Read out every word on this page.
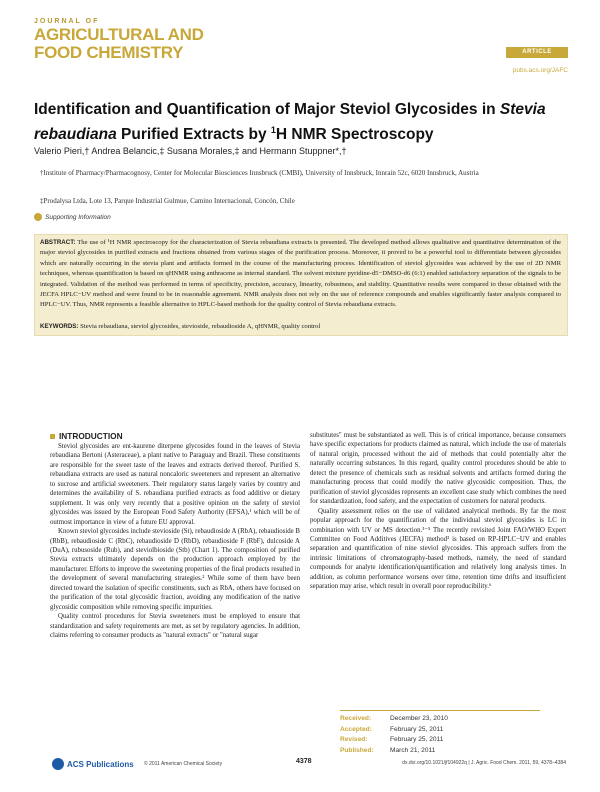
JOURNAL OF
AGRICULTURAL AND
FOOD CHEMISTRY	ARTICLE
pubs.acs.org/JAFC
Identification and Quantification of Major Steviol Glycosides in Stevia rebaudiana Purified Extracts by $^1$H NMR Spectroscopy
Valerio Pieri,† Andrea Belancic,‡ Susana Morales,‡ and Hermann Stuppner*,†
†Institute of Pharmacy/Pharmacognosy, Center for Molecular Biosciences Innsbruck (CMBI), University of Innsbruck, Innrain 52c, 6020 Innsbruck, Austria
‡Prodalysa Ltda, Lote 13, Parque Industrial Gulmue, Camino Internacional, Concón, Chile
Supporting Information
ABSTRACT: The use of ¹H NMR spectroscopy for the characterization of Stevia rebaudiana extracts is presented. The developed method allows qualitative and quantitative determination of the major steviol glycosides in purified extracts and fractions obtained from various stages of the purification process. Moreover, it proved to be a powerful tool to differentiate between glycosides which are naturally occurring in the stevia plant and artifacts formed in the course of the manufacturing process. Identification of steviol glycosides was achieved by the use of 2D NMR techniques, whereas quantification is based on qHNMR using anthracene as internal standard. The solvent mixture pyridine-d5−DMSO-d6 (6:1) enabled satisfactory separation of the signals to be integrated. Validation of the method was performed in terms of specificity, precision, accuracy, linearity, robustness, and stability. Quantitative results were compared to those obtained with the JECFA HPLC−UV method and were found to be in reasonable agreement. NMR analysis does not rely on the use of reference compounds and enables significantly faster analysis compared to HPLC−UV. Thus, NMR represents a feasible alternative to HPLC-based methods for the quality control of Stevia rebaudiana extracts.
KEYWORDS: Stevia rebaudiana, steviol glycosides, stevioside, rebaudioside A, qHNMR, quality control
INTRODUCTION

Steviol glycosides are ent-kaurene diterpene glycosides found in the leaves of Stevia rebaudiana Bertoni (Asteraceae), a plant native to Paraguay and Brazil. These constituents are responsible for the sweet taste of the leaves and extracts derived thereof. Purified S. rebaudiana extracts are used as natural noncaloric sweeteners and represent an alternative to sucrose and artificial sweeteners. Their regulatory status largely varies by country and determines the availability of S. rebaudiana purified extracts as food additive or dietary supplement. It was only very recently that a positive opinion on the safety of steviol glycosides was issued by the European Food Safety Authority (EFSA),¹ which will be of outmost importance in view of a future EU approval.

Known steviol glycosides include stevioside (St), rebaudioside A (RbA), rebaudioside B (RbB), rebaudioside C (RbC), rebaudioside D (RbD), rebaudioside F (RbF), dulcoside A (DuA), rubusoside (Rub), and steviolbioside (Stb) (Chart 1). The composition of purified Stevia extracts ultimately depends on the production approach employed by the manufacturer. Efforts to improve the sweetening properties of the final products resulted in the development of several manufacturing strategies.² While some of them have been directed toward the isolation of specific constituents, such as RbA, others have focused on the purification of the total glycosidic fraction, avoiding any modification of the native glycosidic composition while removing specific impurities.

Quality control procedures for Stevia sweeteners must be employed to ensure that standardization and safety requirements are met, as set by regulatory agencies. In addition, claims referring to consumer products as "natural extracts" or "natural sugar

substitutes" must be substantiated as well. This is of critical importance, because consumers have specific expectations for products claimed as natural, which include the use of materials of natural origin, processed without the aid of methods that could potentially alter the naturally occurring substances. In this regard, quality control procedures should be able to detect the presence of chemicals such as residual solvents and artifacts formed during the manufacturing process that could modify the native glycosidic composition. Thus, the purification of steviol glycosides represents an excellent case study which combines the need for standardization, food safety, and the expectation of customers for natural products.

Quality assessment relies on the use of validated analytical methods. By far the most popular approach for the quantification of the individual steviol glycosides is LC in combination with UV or MS detection.³⁻⁵ The recently revisited Joint FAO/WHO Expert Committee on Food Additives (JECFA) method³ is based on RP-HPLC−UV and enables separation and quantification of nine steviol glycosides. This approach suffers from the intrinsic limitations of chromatography-based methods, namely, the need of standard compounds for analyte identification/quantification and relatively long analysis times. In addition, as column performance worsens over time, retention time drifts and insufficient separation may arise, which result in overall poor reproducibility.⁶

Received:	December 23, 2010
Accepted:	February 25, 2011
Revised:	February 25, 2011
Published:	March 21, 2011
ACS Publications © 2011 American Chemical Society	4378	dx.doi.org/10.1021/jf104922q | J. Agric. Food Chem. 2011, 59, 4378–4384
